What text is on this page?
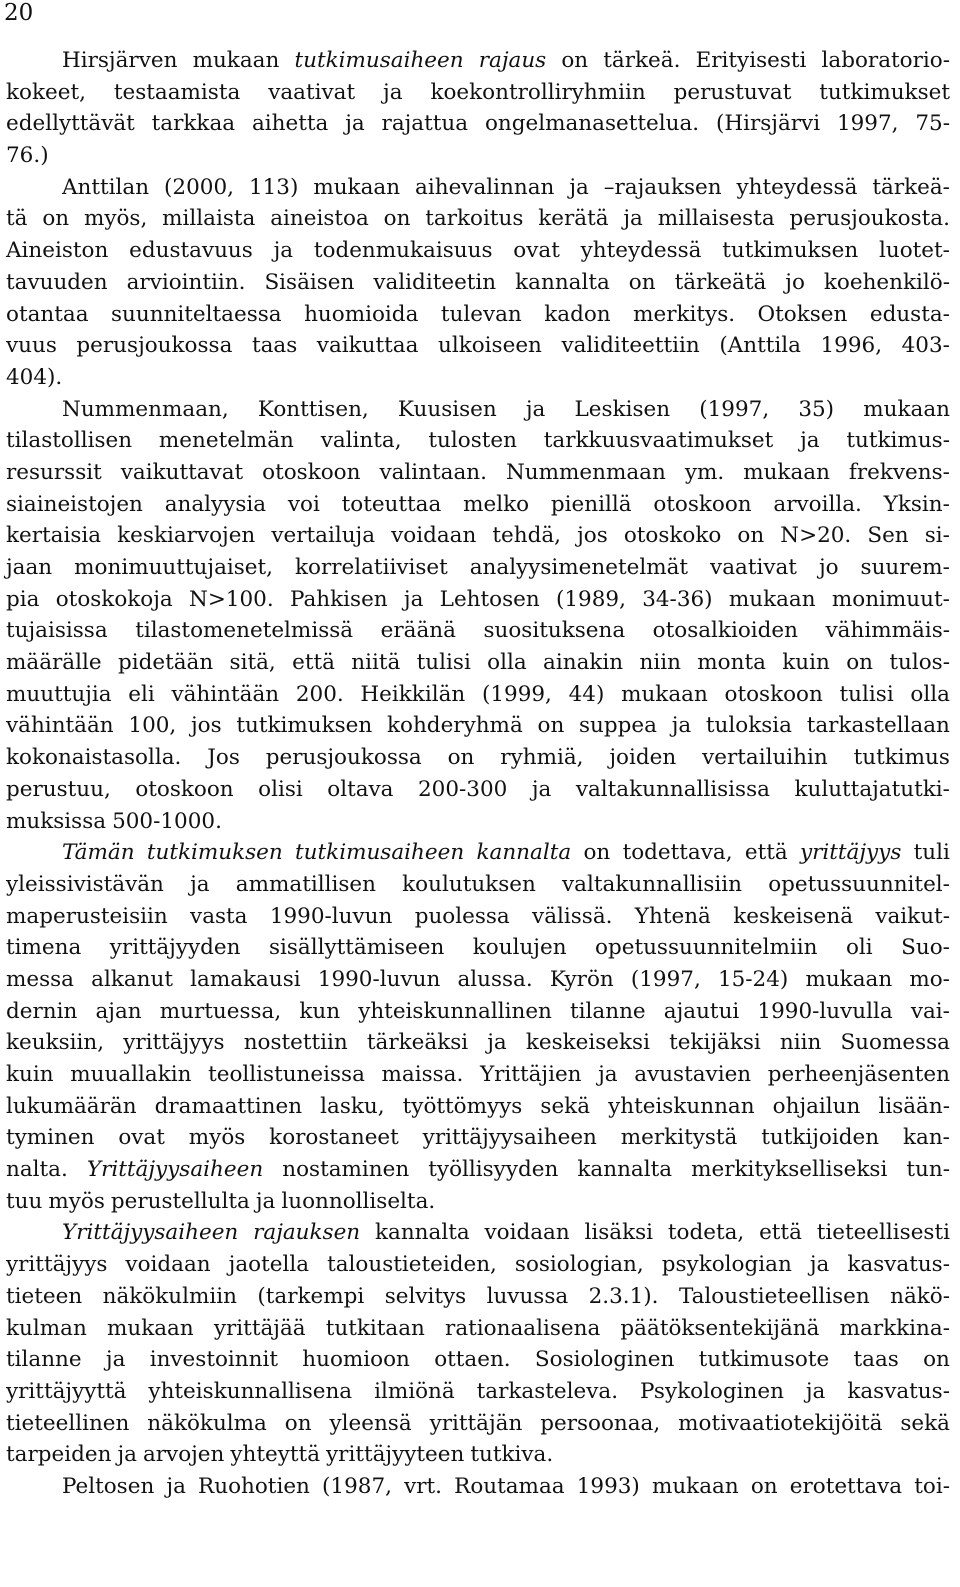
20
Hirsjärven mukaan tutkimusaiheen rajaus on tärkeä. Erityisesti laboratorio-
kokeet, testaamista vaativat ja koekontrolliryhmiin perustuvat tutkimukset
edellyttävät tarkkaa aihetta ja rajattua ongelmanasettelua. (Hirsjärvi 1997, 75-
76.)
Anttilan (2000, 113) mukaan aihevalinnan ja –rajauksen yhteydessä tärkeä-
tä on myös, millaista aineistoa on tarkoitus kerätä ja millaisesta perusjoukosta.
Aineiston edustavuus ja todenmukaisuus ovat yhteydessä tutkimuksen luotet-
tavuuden arviointiin. Sisäisen validiteetin kannalta on tärkeätä jo koehenkilö-
otantaa suunniteltaessa huomioida tulevan kadon merkitys. Otoksen edusta-
vuus perusjoukossa taas vaikuttaa ulkoiseen validiteettiin (Anttila 1996, 403-
404).
Nummenmaan, Konttisen, Kuusisen ja Leskisen (1997, 35) mukaan
tilastollisen menetelmän valinta, tulosten tarkkuusvaatimukset ja tutkimus-
resurssit vaikuttavat otoskoon valintaan. Nummenmaan ym. mukaan frekvens-
siaineistojen analyysia voi toteuttaa melko pienillä otoskoon arvoilla. Yksin-
kertaisia keskiarvojen vertailuja voidaan tehdä, jos otoskoko on N>20. Sen si-
jaan monimuuttujaiset, korrelatiiviset analyysimenetelmät vaativat jo suurem-
pia otoskokoja N>100. Pahkisen ja Lehtosen (1989, 34-36) mukaan monimuut-
tujaisissa tilastomenetelmissä eräänä suosituksena otosalkioiden vähimmäis-
määrälle pidetään sitä, että niitä tulisi olla ainakin niin monta kuin on tulos-
muuttujia eli vähintään 200. Heikkilän (1999, 44) mukaan otoskoon tulisi olla
vähintään 100, jos tutkimuksen kohderyhmä on suppea ja tuloksia tarkastellaan
kokonaistasolla. Jos perusjoukossa on ryhmiä, joiden vertailuihin tutkimus
perustuu, otoskoon olisi oltava 200-300 ja valtakunnallisissa kuluttajatutki-
muksissa 500-1000.
Tämän tutkimuksen tutkimusaiheen kannalta on todettava, että yrittäjyys tuli
yleissivistävän ja ammatillisen koulutuksen valtakunnallisiin opetussuunnitel-
maperusteisiin vasta 1990-luvun puolessa välissä. Yhtenä keskeisenä vaikut-
timena yrittäjyyden sisällyttämiseen koulujen opetussuunnitelmiin oli Suo-
messa alkanut lamakausi 1990-luvun alussa. Kyrön (1997, 15-24) mukaan mo-
dernin ajan murtuessa, kun yhteiskunnallinen tilanne ajautui 1990-luvulla vai-
keuksiin, yrittäjyys nostettiin tärkeäksi ja keskeiseksi tekijäksi niin Suomessa
kuin muuallakin teollistuneissa maissa. Yrittäjien ja avustavien perheenjäsenten
lukumäärän dramaattinen lasku, työttömyys sekä yhteiskunnan ohjailun lisään-
tyminen ovat myös korostaneet yrittäjyysaiheen merkitystä tutkijoiden kan-
nalta. Yrittäjyysaiheen nostaminen työllisyyden kannalta merkitykselliseksi tun-
tuu myös perustellulta ja luonnolliselta.
Yrittäjyysaiheen rajauksen kannalta voidaan lisäksi todeta, että tieteellisesti
yrittäjyys voidaan jaotella taloustieteiden, sosiologian, psykologian ja kasvatus-
tieteen näkökulmiin (tarkempi selvitys luvussa 2.3.1). Taloustieteellisen näkö-
kulman mukaan yrittäjää tutkitaan rationaalisena päätöksentekijänä markkina-
tilanne ja investoinnit huomioon ottaen. Sosiologinen tutkimusote taas on
yrittäjyyttä yhteiskunnallisena ilmiönä tarkasteleva. Psykologinen ja kasvatus-
tieteellinen näkökulma on yleensä yrittäjän persoonaa, motivaatiotekijöitä sekä
tarpeiden ja arvojen yhteyttä yrittäjyyteen tutkiva.
Peltosen ja Ruohotien (1987, vrt. Routamaa 1993) mukaan on erotettava toi-
